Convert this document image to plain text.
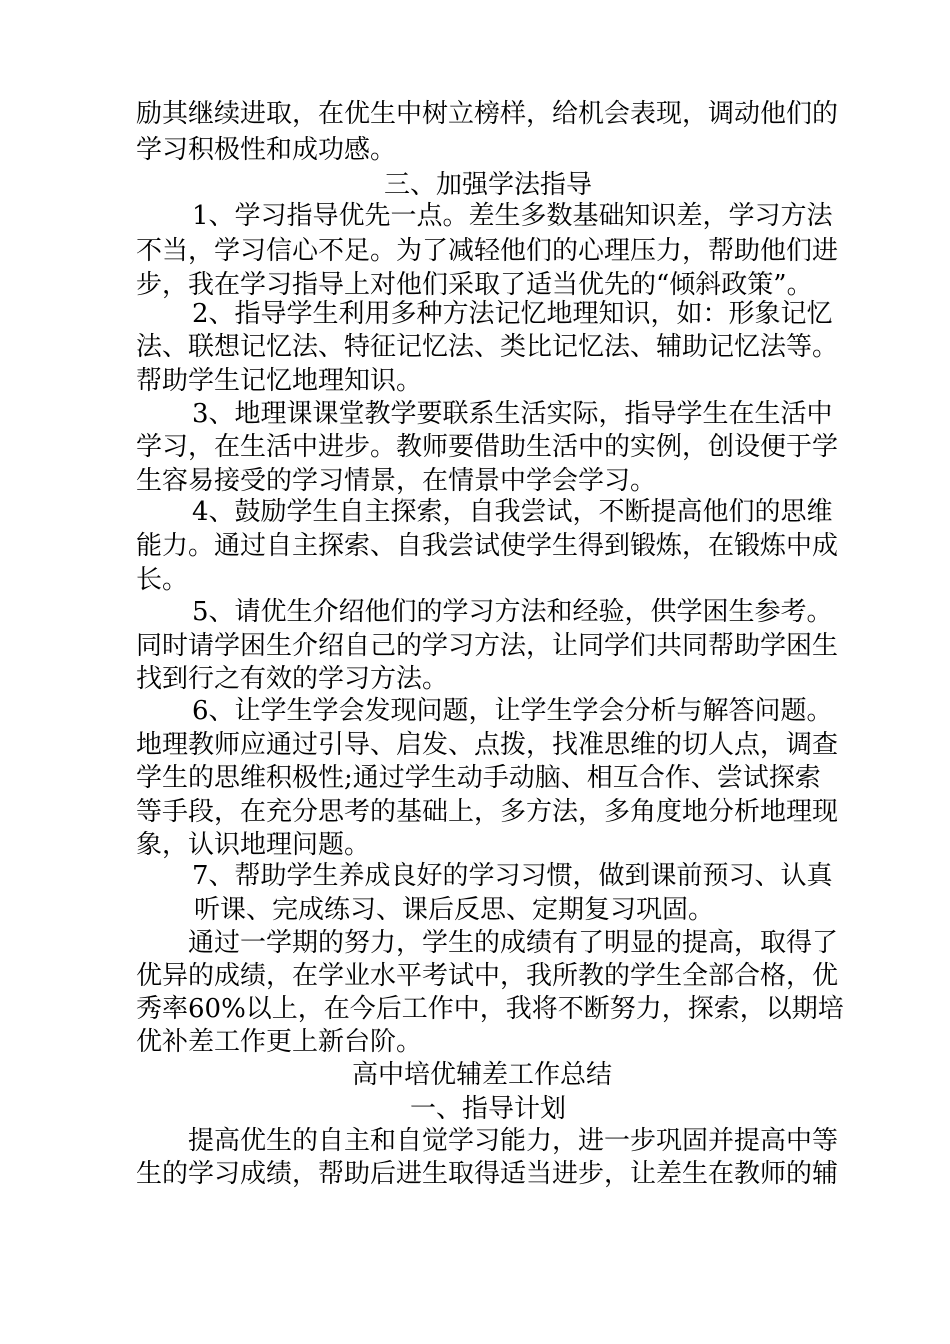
励其继续进取，在优生中树立榜样，给机会表现，调动他们的
学习积极性和成功感。
三、加强学法指导
1、学习指导优先一点。差生多数基础知识差，学习方法
不当，学习信心不足。为了减轻他们的心理压力，帮助他们进
步，我在学习指导上对他们采取了适当优先的“倾斜政策”。
2、指导学生利用多种方法记忆地理知识，如：形象记忆
法、联想记忆法、特征记忆法、类比记忆法、辅助记忆法等。
帮助学生记忆地理知识。
3、地理课课堂教学要联系生活实际，指导学生在生活中
学习，在生活中进步。教师要借助生活中的实例，创设便于学
生容易接受的学习情景，在情景中学会学习。
4、鼓励学生自主探索，自我尝试，不断提高他们的思维
能力。通过自主探索、自我尝试使学生得到锻炼，在锻炼中成
长。
5、请优生介绍他们的学习方法和经验，供学困生参考。
同时请学困生介绍自己的学习方法，让同学们共同帮助学困生
找到行之有效的学习方法。
6、让学生学会发现问题，让学生学会分析与解答问题。
地理教师应通过引导、启发、点拨，找准思维的切人点，调查
学生的思维积极性;通过学生动手动脑、相互合作、尝试探索
等手段，在充分思考的基础上，多方法，多角度地分析地理现
象，认识地理问题。
7、帮助学生养成良好的学习习惯，做到课前预习、认真
听课、完成练习、课后反思、定期复习巩固。
通过一学期的努力，学生的成绩有了明显的提高，取得了
优异的成绩，在学业水平考试中，我所教的学生全部合格，优
秀率60%以上，在今后工作中，我将不断努力，探索，以期培
优补差工作更上新台阶。
高中培优辅差工作总结
一、指导计划
提高优生的自主和自觉学习能力，进一步巩固并提高中等
生的学习成绩，帮助后进生取得适当进步，让差生在教师的辅
